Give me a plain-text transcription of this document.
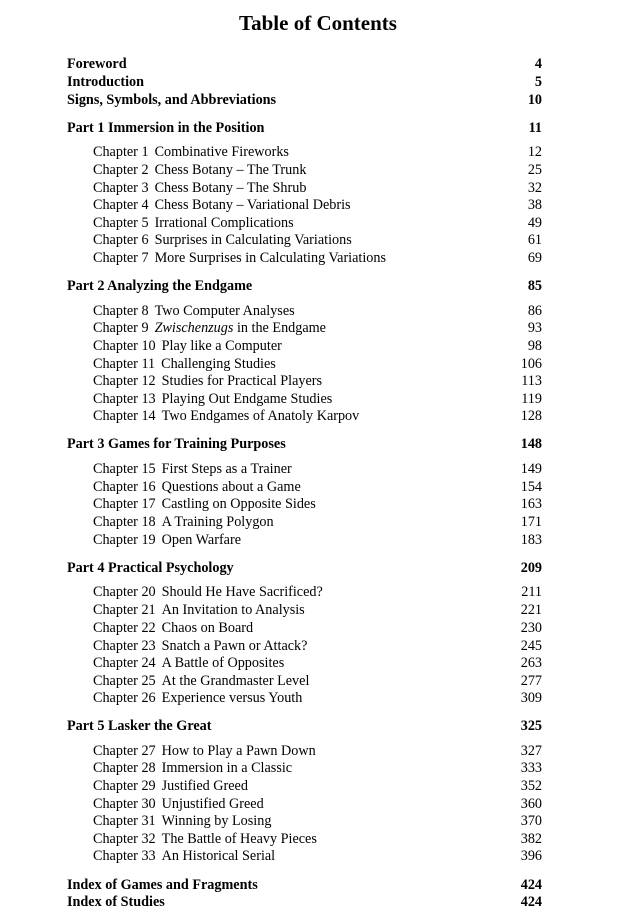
Table of Contents
Foreword	4
Introduction	5
Signs, Symbols, and Abbreviations	10
Part 1 Immersion in the Position	11
Chapter 1 Combinative Fireworks	12
Chapter 2 Chess Botany – The Trunk	25
Chapter 3 Chess Botany – The Shrub	32
Chapter 4 Chess Botany – Variational Debris	38
Chapter 5 Irrational Complications	49
Chapter 6 Surprises in Calculating Variations	61
Chapter 7 More Surprises in Calculating Variations	69
Part 2 Analyzing the Endgame	85
Chapter 8 Two Computer Analyses	86
Chapter 9 Zwischenzugs in the Endgame	93
Chapter 10 Play like a Computer	98
Chapter 11 Challenging Studies	106
Chapter 12 Studies for Practical Players	113
Chapter 13 Playing Out Endgame Studies	119
Chapter 14 Two Endgames of Anatoly Karpov	128
Part 3 Games for Training Purposes	148
Chapter 15 First Steps as a Trainer	149
Chapter 16 Questions about a Game	154
Chapter 17 Castling on Opposite Sides	163
Chapter 18 A Training Polygon	171
Chapter 19 Open Warfare	183
Part 4 Practical Psychology	209
Chapter 20 Should He Have Sacrificed?	211
Chapter 21 An Invitation to Analysis	221
Chapter 22 Chaos on Board	230
Chapter 23 Snatch a Pawn or Attack?	245
Chapter 24 A Battle of Opposites	263
Chapter 25 At the Grandmaster Level	277
Chapter 26 Experience versus Youth	309
Part 5 Lasker the Great	325
Chapter 27 How to Play a Pawn Down	327
Chapter 28 Immersion in a Classic	333
Chapter 29 Justified Greed	352
Chapter 30 Unjustified Greed	360
Chapter 31 Winning by Losing	370
Chapter 32 The Battle of Heavy Pieces	382
Chapter 33 An Historical Serial	396
Index of Games and Fragments	424
Index of Studies	424
